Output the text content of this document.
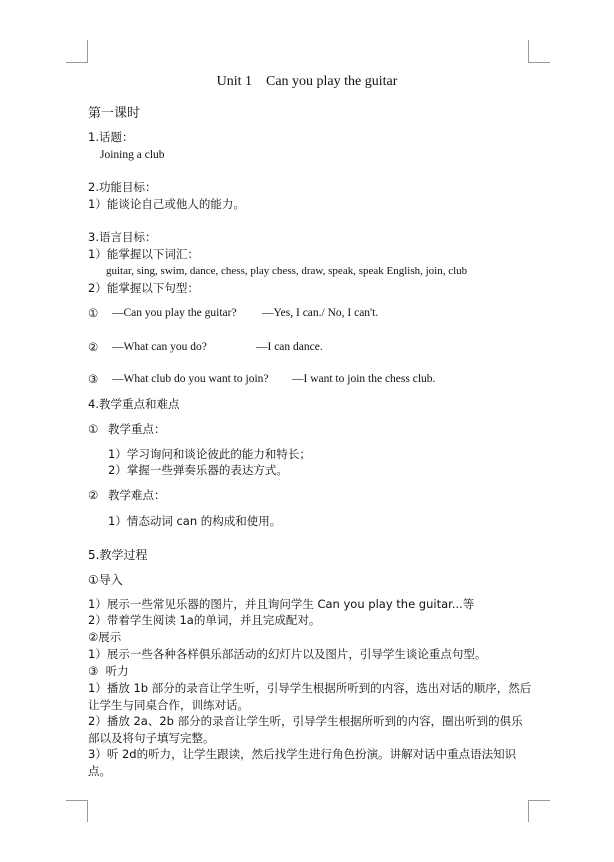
Unit 1    Can you play the guitar
第一课时
1.话题：
Joining a club
2.功能目标：
1）能谈论自己或他人的能力。
3.语言目标：
1）能掌握以下词汇：
guitar, sing, swim, dance, chess, play chess, draw, speak, speak English, join, club
2）能掌握以下句型：
① —Can you play the guitar? —Yes, I can./ No, I can't.
② —What can you do?	—I can dance.
③ —What club do you want to join? —I want to join the chess club.
4.教学重点和难点
① 教学重点：
1）学习询问和谈论彼此的能力和特长；
2）掌握一些弹奏乐器的表达方式。
② 教学难点：
1）情态动词 can 的构成和使用。
5.教学过程
①导入
1）展示一些常见乐器的图片，并且询问学生 Can you play the guitar...等
2）带着学生阅读 1a的单词，并且完成配对。
②展示
1）展示一些各种各样俱乐部活动的幻灯片以及图片，引导学生谈论重点句型。
③  听力
1）播放 1b 部分的录音让学生听，引导学生根据所听到的内容，选出对话的顺序，然后让学生与同桌合作，训练对话。
2）播放 2a、2b 部分的录音让学生听，引导学生根据所听到的内容，圈出听到的俱乐部以及将句子填写完整。
3）听 2d的听力，让学生跟读，然后找学生进行角色扮演。讲解对话中重点语法知识点。
